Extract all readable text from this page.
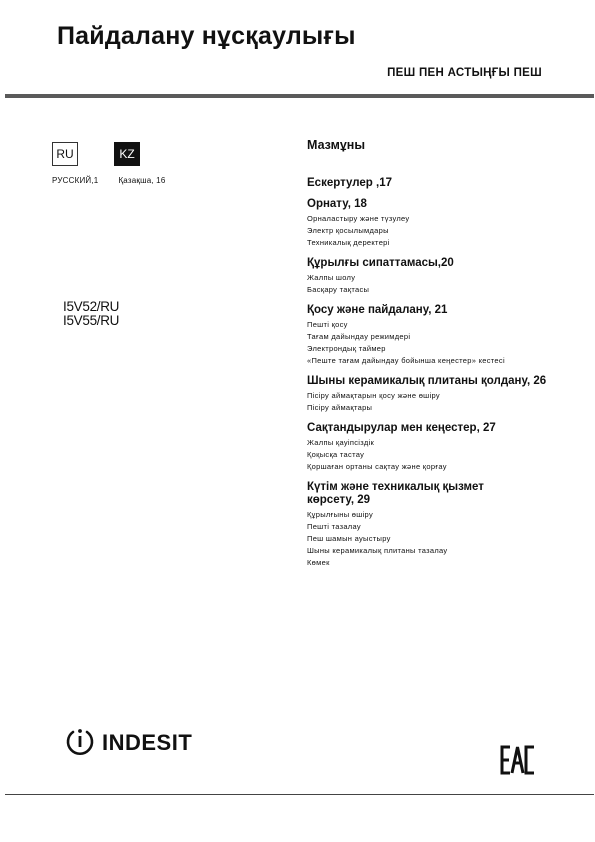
Пайдалану нұсқаулығы
ПЕШ ПЕН АСТЫҢҒЫ ПЕШ
RU	KZ
РУССКИЙ,1	Қазақша, 16
I5V52/RU
I5V55/RU
Мазмұны
Ескертулер ,17
Орнату, 18
Орналастыру және түзулеу
Электр қосылымдары
Техникалық деректері
Құрылғы сипаттамасы,20
Жалпы шолу
Басқару тақтасы
Қосу және пайдалану, 21
Пешті қосу
Тағам дайындау режимдері
Электрондық таймер
«Пеште тағам дайындау бойынша кеңестер» кестесі
Шыны керамикалық плитаны қолдану, 26
Пісіру аймақтарын қосу және өшіру
Пісіру аймақтары
Сақтандырулар мен кеңестер, 27
Жалпы қауіпсіздік
Қоқысқа тастау
Қоршаған ортаны сақтау және қорғау
Күтім және техникалық қызмет көрсету, 29
Құрылғыны өшіру
Пешті тазалау
Пеш шамын ауыстыру
Шыны керамикалық плитаны тазалау
Көмек
INDESIT
